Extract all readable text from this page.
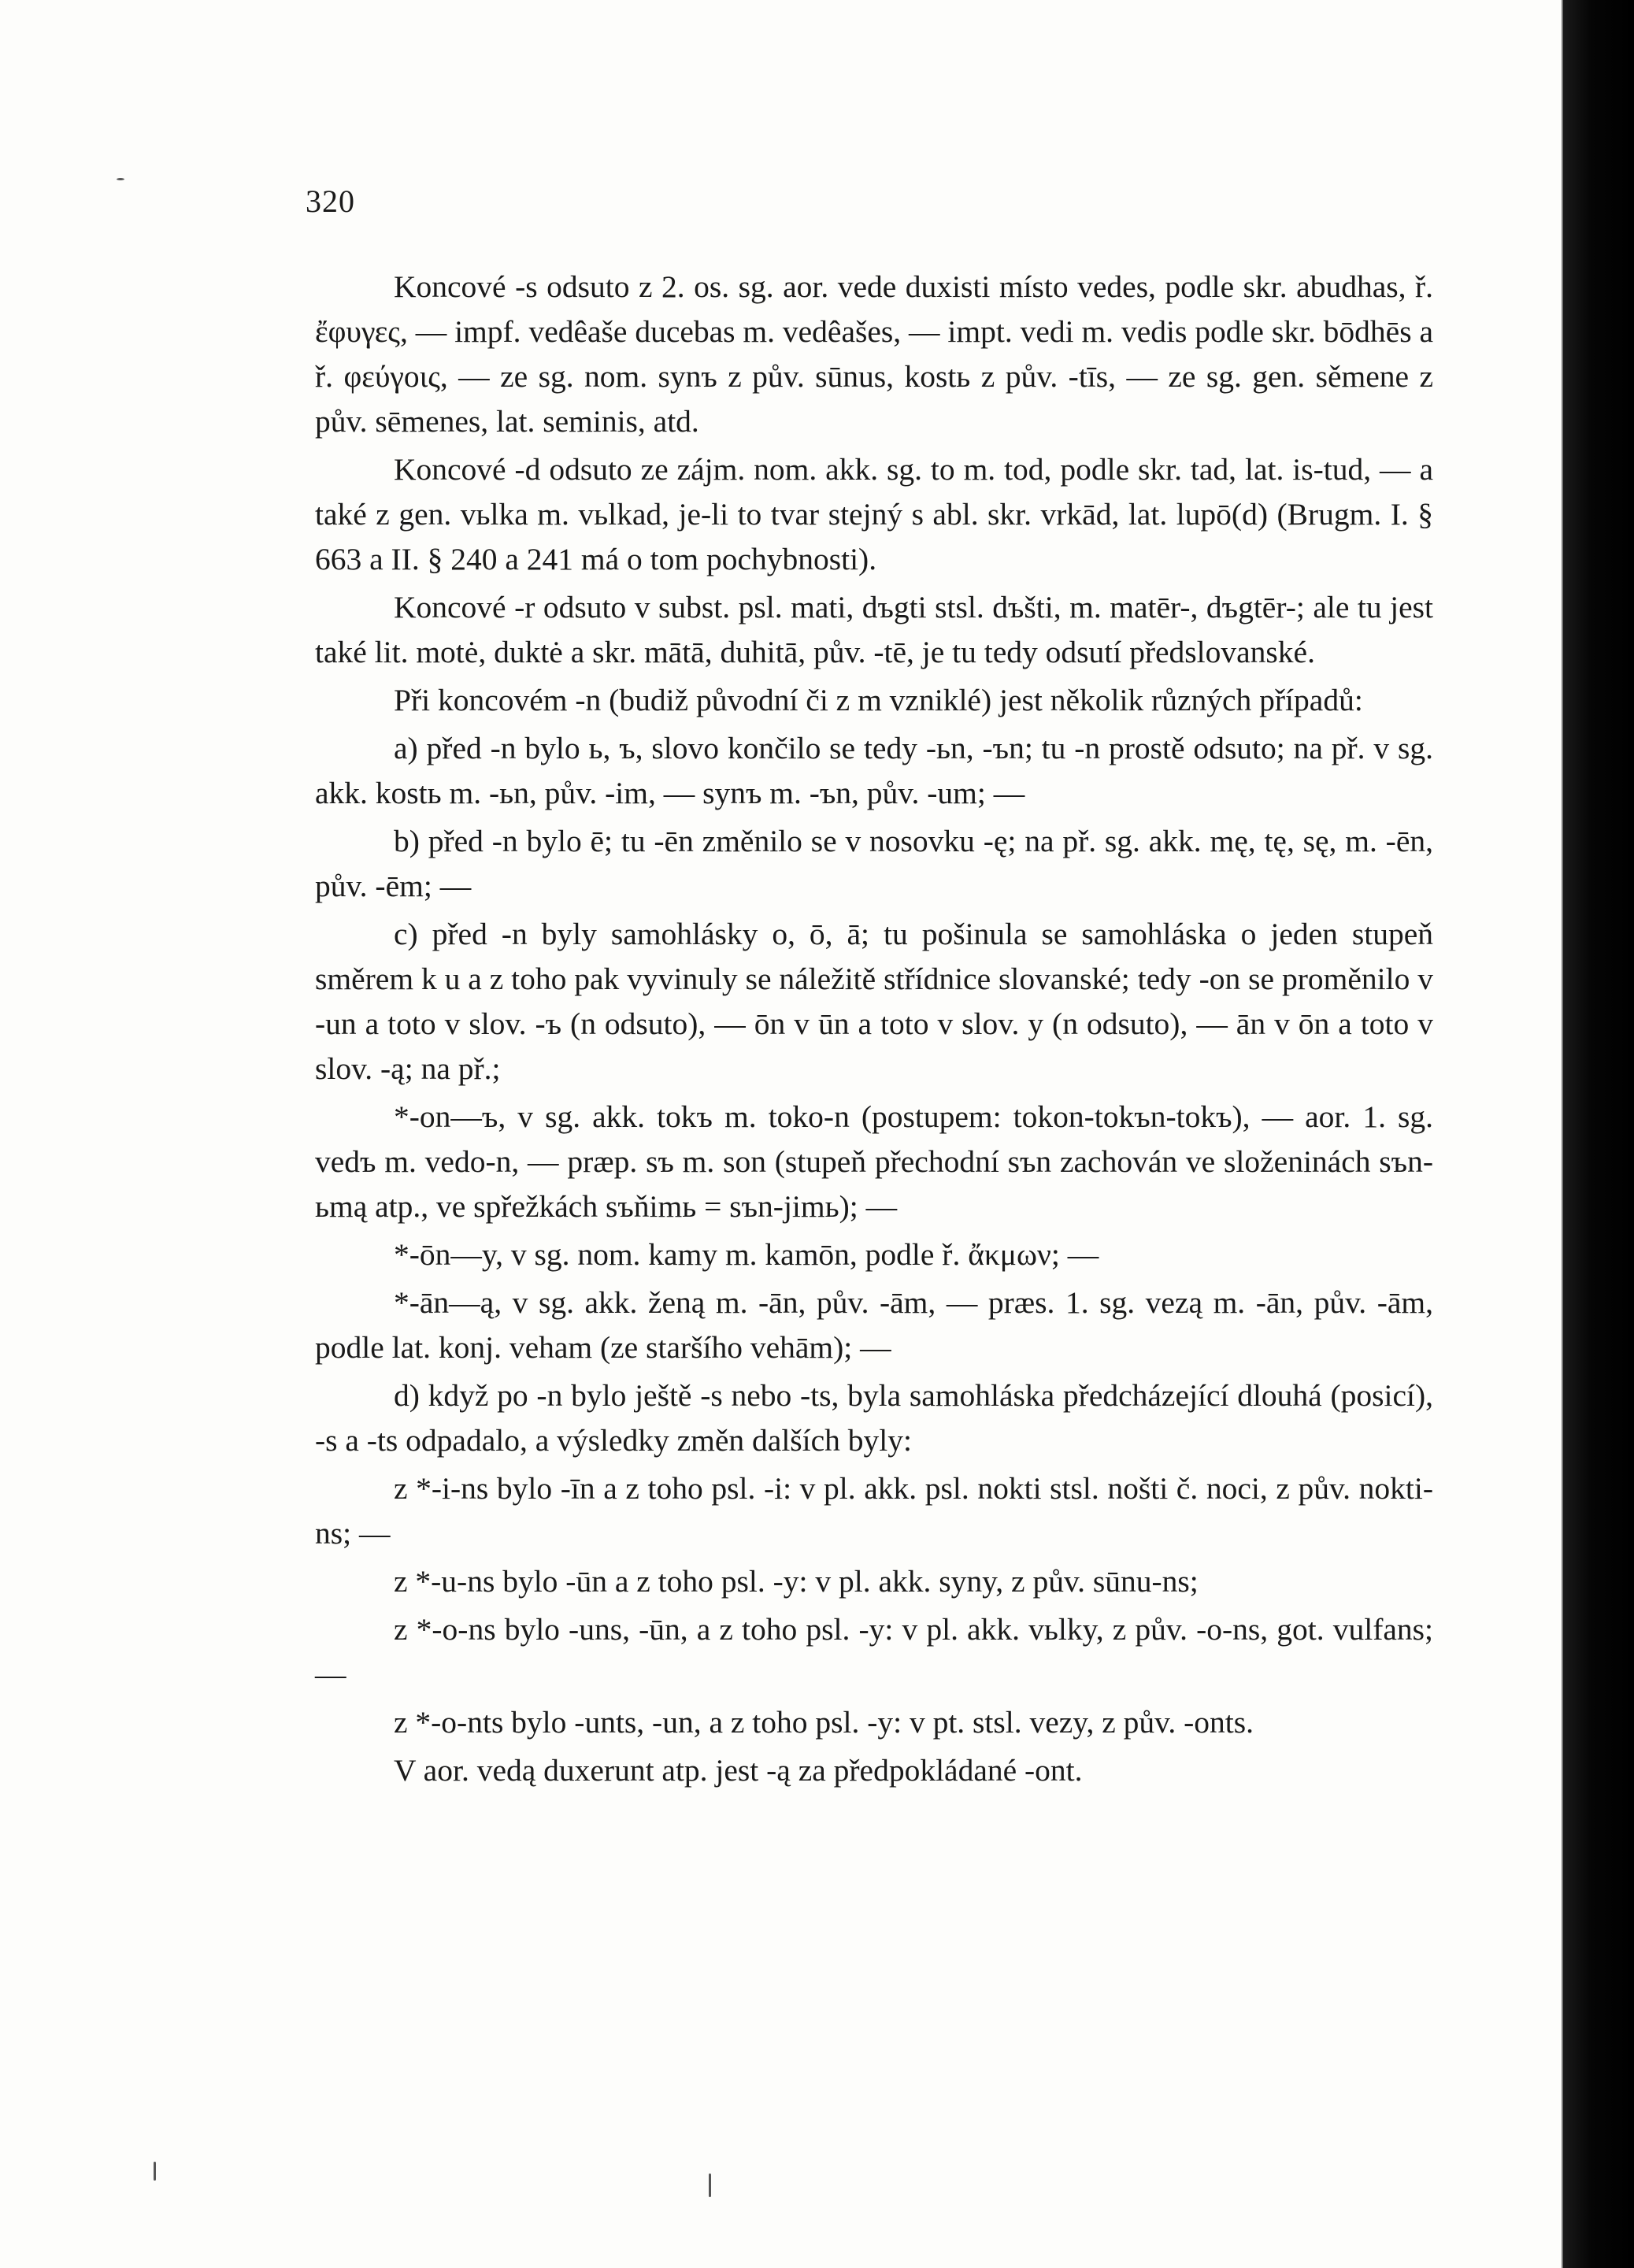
320

Koncové -s odsuto z 2. os. sg. aor. vede duxisti místo vedes, podle skr. abudhas, ř. ἔφυγες, — impf. vedêaše ducebas m. vedêašes, — impt. vedi m. vedis podle skr. bōdhēs a ř. φεύγοις, — ze sg. nom. synъ z pův. sūnus, kostь z pův. -tīs, — ze sg. gen. sěmene z pův. sēmenes, lat. seminis, atd.

Koncové -d odsuto ze zájm. nom. akk. sg. to m. tod, podle skr. tad, lat. is-tud, — a také z gen. vьlka m. vьlkad, je-li to tvar stejný s abl. skr. vrkād, lat. lupō(d) (Brugm. I. § 663 a II. § 240 a 241 má o tom pochybnosti).

Koncové -r odsuto v subst. psl. mati, dъgti stsl. dъšti, m. matēr-, dъgtēr-; ale tu jest také lit. motė, duktė a skr. mātā, duhitā, pův. -tē, je tu tedy odsutí předslovanské.

Při koncovém -n (budiž původní či z m vzniklé) jest několik různých případů:

a) před -n bylo ь, ъ, slovo končilo se tedy -ьn, -ъn; tu -n prostě odsuto; na př. v sg. akk. kostь m. -ьn, pův. -im, — synъ m. -ъn, pův. -um; —

b) před -n bylo ē; tu -ēn změnilo se v nosovku -ę; na př. sg. akk. mę, tę, sę, m. -ēn, pův. -ēm; —

c) před -n byly samohlásky o, ō, ā; tu pošinula se samohláska o jeden stupeň směrem k u a z toho pak vyvinuly se náležitě střídnice slovanské; tedy -on se proměnilo v -un a toto v slov. -ъ (n odsuto), — ōn v ūn a toto v slov. y (n odsuto), — ān v ōn a toto v slov. -ą; na př.;

*-on—ъ, v sg. akk. tokъ m. toko-n (postupem: tokon-tokъn-tokъ), — aor. 1. sg. vedъ m. vedo-n, — præp. sъ m. son (stupeň přechodní sъn zachován ve složeninách sъn-ьmą atp., ve spřežkách sъňimь = sъn-jimь); —

*-ōn—y, v sg. nom. kamy m. kamōn, podle ř. ἄκμων; —

*-ān—ą, v sg. akk. ženą m. -ān, pův. -ām, — præs. 1. sg. vezą m. -ān, pův. -ām, podle lat. konj. veham (ze staršího vehām); —

d) když po -n bylo ještě -s nebo -ts, byla samohláska předcházející dlouhá (posicí), -s a -ts odpadalo, a výsledky změn dalších byly:

z *-i-ns bylo -īn a z toho psl. -i: v pl. akk. psl. nokti stsl. nošti č. noci, z pův. nokti-ns; —

z *-u-ns bylo -ūn a z toho psl. -y: v pl. akk. syny, z pův. sūnu-ns;

z *-o-ns bylo -uns, -ūn, a z toho psl. -y: v pl. akk. vьlky, z pův. -o-ns, got. vulfans; —

z *-o-nts bylo -unts, -un, a z toho psl. -y: v pt. stsl. vezy, z pův. -onts.

V aor. vedą duxerunt atp. jest -ą za předpokládané -ont.
